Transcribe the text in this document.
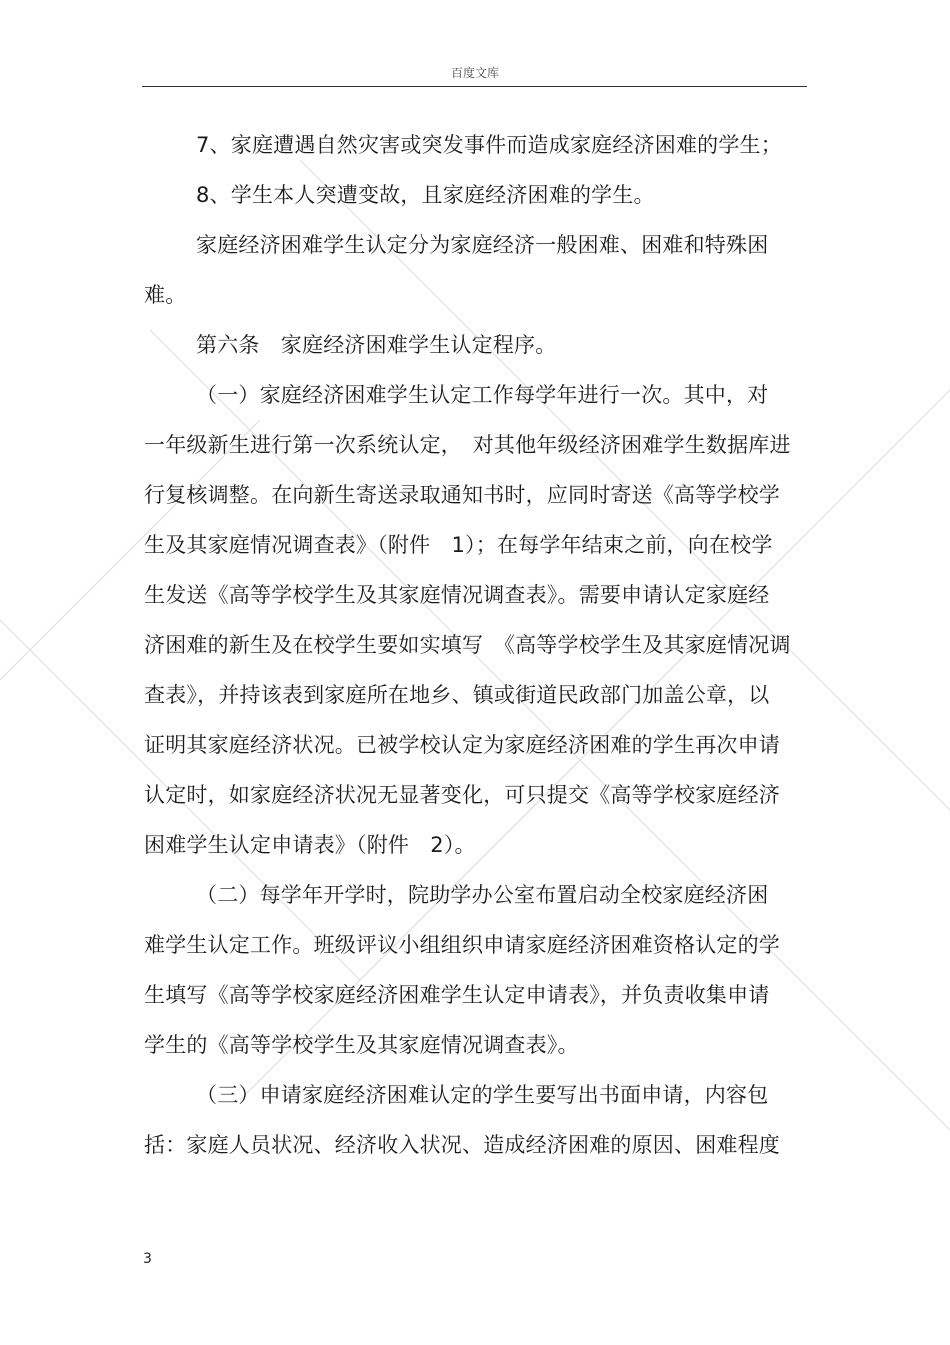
百度文库
7、家庭遭遇自然灾害或突发事件而造成家庭经济困难的学生；
8、学生本人突遭变故，且家庭经济困难的学生。
家庭经济困难学生认定分为家庭经济一般困难、困难和特殊困
难。
第六条　家庭经济困难学生认定程序。
（一）家庭经济困难学生认定工作每学年进行一次。其中，对
一年级新生进行第一次系统认定，　对其他年级经济困难学生数据库进
行复核调整。在向新生寄送录取通知书时，应同时寄送《高等学校学
生及其家庭情况调查表》（附件　1）；在每学年结束之前，向在校学
生发送《高等学校学生及其家庭情况调查表》。需要申请认定家庭经
济困难的新生及在校学生要如实填写　《高等学校学生及其家庭情况调
查表》，并持该表到家庭所在地乡、镇或街道民政部门加盖公章，以
证明其家庭经济状况。已被学校认定为家庭经济困难的学生再次申请
认定时，如家庭经济状况无显著变化，可只提交《高等学校家庭经济
困难学生认定申请表》（附件　2）。
（二）每学年开学时，院助学办公室布置启动全校家庭经济困
难学生认定工作。班级评议小组组织申请家庭经济困难资格认定的学
生填写《高等学校家庭经济困难学生认定申请表》，并负责收集申请
学生的《高等学校学生及其家庭情况调查表》。
（三）申请家庭经济困难认定的学生要写出书面申请，内容包
括：家庭人员状况、经济收入状况、造成经济困难的原因、困难程度
3
